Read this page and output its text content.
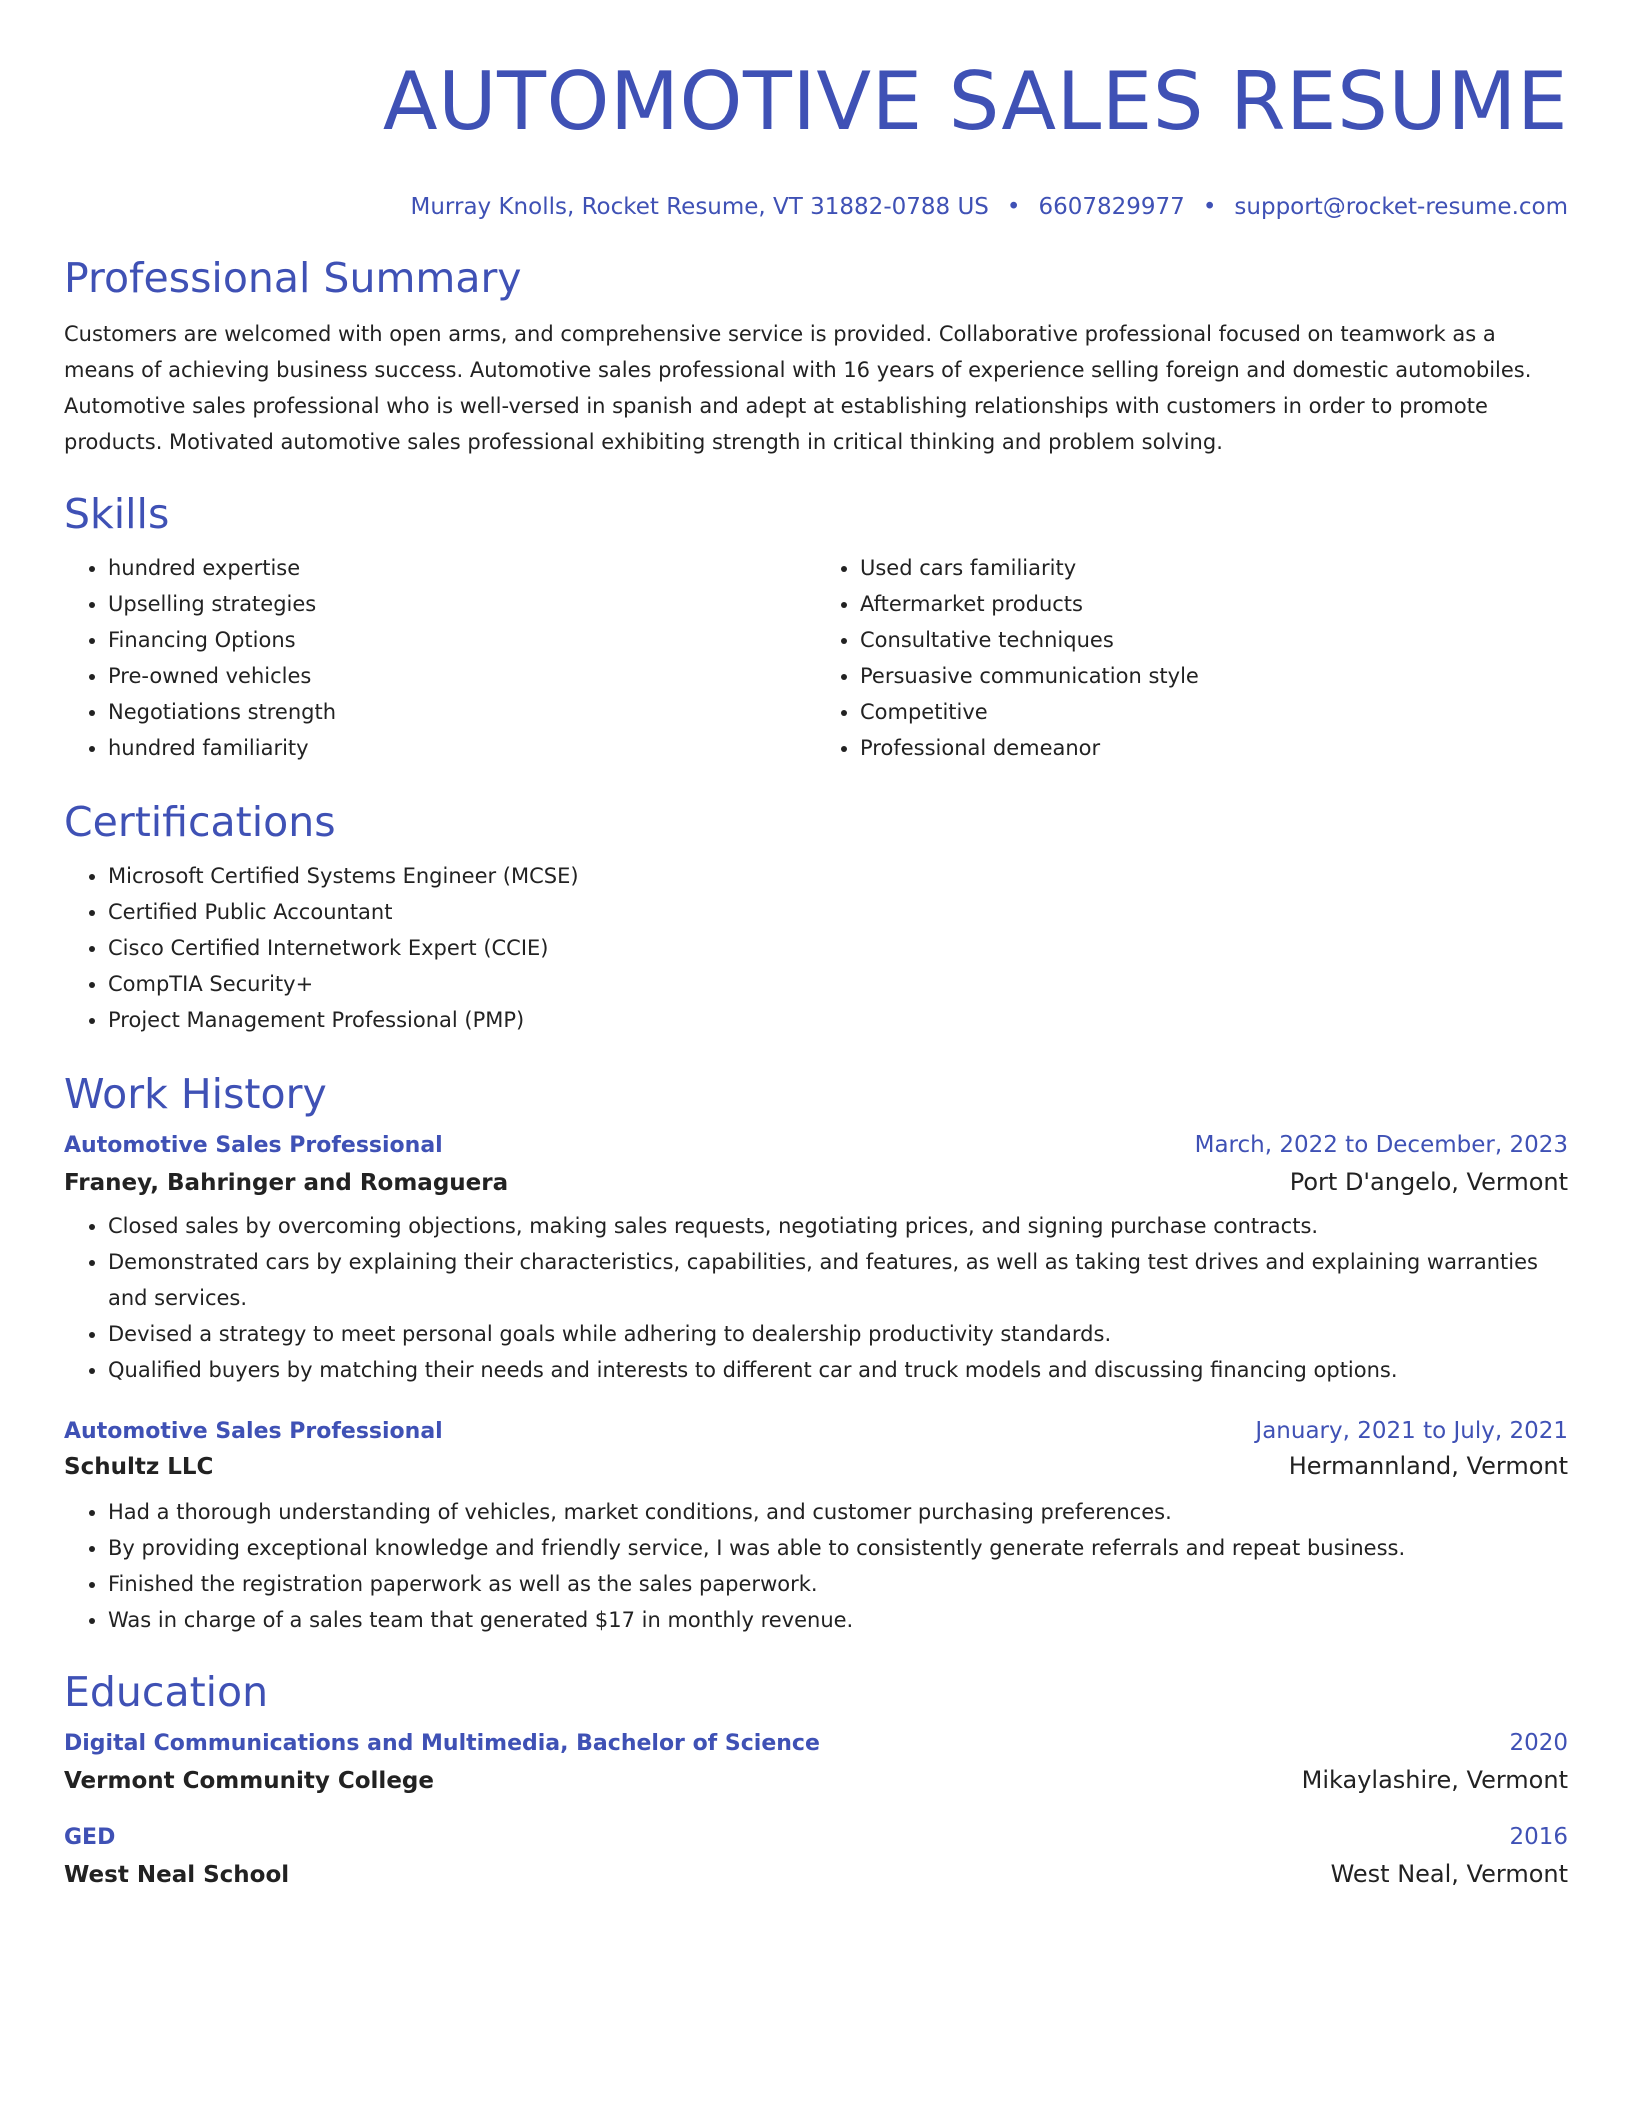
AUTOMOTIVE SALES RESUME
Murray Knolls, Rocket Resume, VT 31882-0788 US • 6607829977 • support@rocket-resume.com
Professional Summary

Customers are welcomed with open arms, and comprehensive service is provided. Collaborative professional focused on teamwork as a means of achieving business success. Automotive sales professional with 16 years of experience selling foreign and domestic automobiles. Automotive sales professional who is well-versed in spanish and adept at establishing relationships with customers in order to promote products. Motivated automotive sales professional exhibiting strength in critical thinking and problem solving.

Skills
• hundred expertise
• Upselling strategies
• Financing Options
• Pre-owned vehicles
• Negotiations strength
• hundred familiarity
• Used cars familiarity
• Aftermarket products
• Consultative techniques
• Persuasive communication style
• Competitive
• Professional demeanor
Certifications
• Microsoft Certified Systems Engineer (MCSE)
• Certified Public Accountant
• Cisco Certified Internetwork Expert (CCIE)
• CompTIA Security+
• Project Management Professional (PMP)
Work History
Automotive Sales Professional	March, 2022 to December, 2023
Franey, Bahringer and Romaguera	Port D'angelo, Vermont
• Closed sales by overcoming objections, making sales requests, negotiating prices, and signing purchase contracts.
• Demonstrated cars by explaining their characteristics, capabilities, and features, as well as taking test drives and explaining warranties and services.
• Devised a strategy to meet personal goals while adhering to dealership productivity standards.
• Qualified buyers by matching their needs and interests to different car and truck models and discussing financing options.
Automotive Sales Professional	January, 2021 to July, 2021
Schultz LLC	Hermannland, Vermont
• Had a thorough understanding of vehicles, market conditions, and customer purchasing preferences.
• By providing exceptional knowledge and friendly service, I was able to consistently generate referrals and repeat business.
• Finished the registration paperwork as well as the sales paperwork.
• Was in charge of a sales team that generated $17 in monthly revenue.
Education
Digital Communications and Multimedia, Bachelor of Science	2020
Vermont Community College	Mikaylashire, Vermont
GED	2016
West Neal School	West Neal, Vermont
